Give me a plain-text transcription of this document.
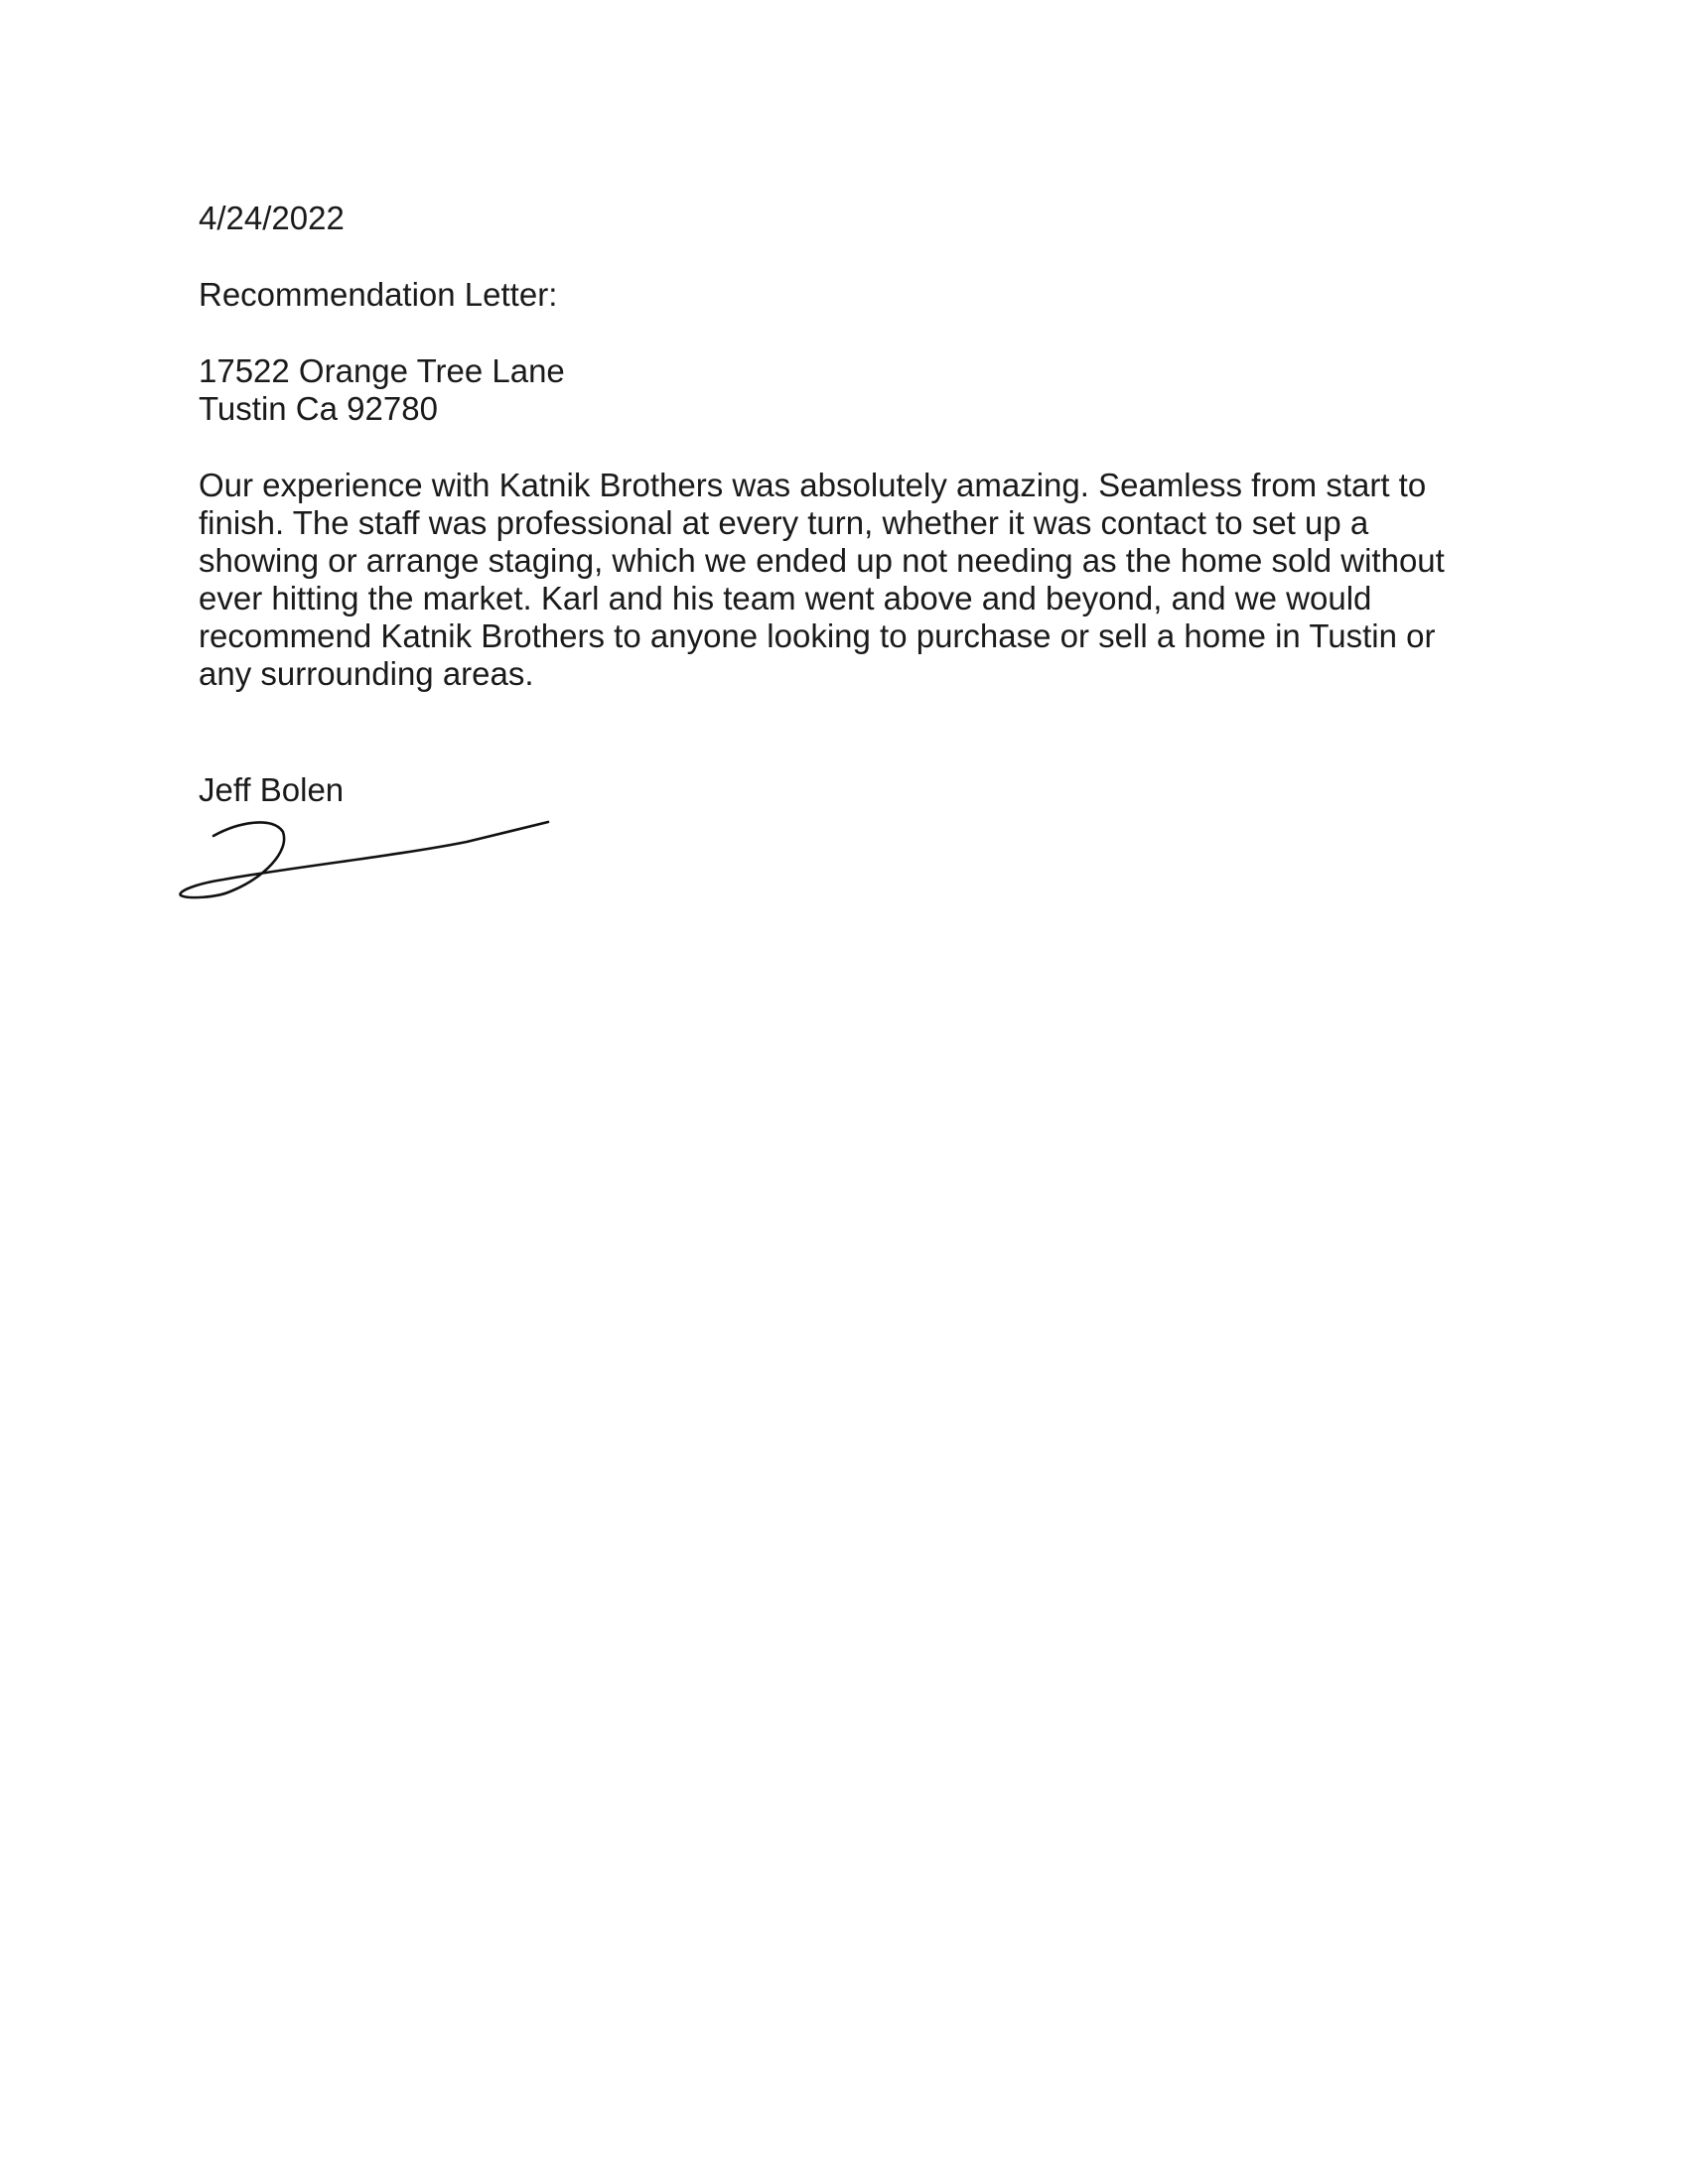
4/24/2022

Recommendation Letter:

17522 Orange Tree Lane

Tustin Ca 92780

Our experience with Katnik Brothers was absolutely amazing. Seamless from start to
finish. The staff was professional at every turn, whether it was contact to set up a
showing or arrange staging, which we ended up not needing as the home sold without
ever hitting the market. Karl and his team went above and beyond, and we would
recommend Katnik Brothers to anyone looking to purchase or sell a home in Tustin or
any surrounding areas.

Jeff Bolen
